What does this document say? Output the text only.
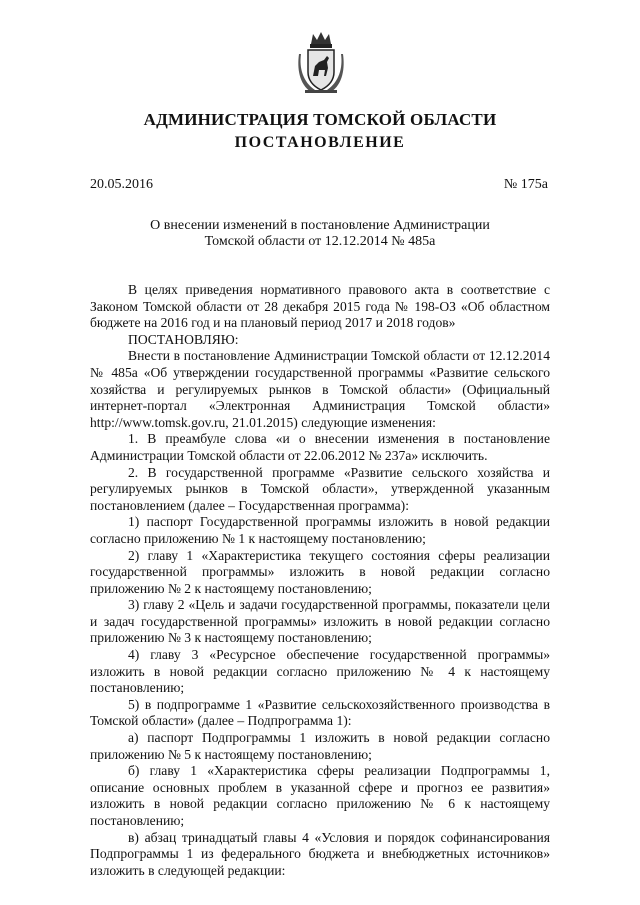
АДМИНИСТРАЦИЯ ТОМСКОЙ ОБЛАСТИ
ПОСТАНОВЛЕНИЕ
20.05.2016	№ 175а
О внесении изменений в постановление Администрации
Томской области от 12.12.2014 № 485а

В целях приведения нормативного правового акта в соответствие с Законом Томской области от 28 декабря 2015 года № 198-ОЗ «Об областном бюджете на 2016 год и на плановый период 2017 и 2018 годов»

ПОСТАНОВЛЯЮ:

Внести в постановление Администрации Томской области от 12.12.2014 № 485а «Об утверждении государственной программы «Развитие сельского хозяйства и регулируемых рынков в Томской области» (Официальный интернет-портал «Электронная Администрация Томской области» http://www.tomsk.gov.ru, 21.01.2015) следующие изменения:

1. В преамбуле слова «и о внесении изменения в постановление Администрации Томской области от 22.06.2012 № 237а» исключить.

2. В государственной программе «Развитие сельского хозяйства и регулируемых рынков в Томской области», утвержденной указанным постановлением (далее – Государственная программа):

1) паспорт Государственной программы изложить в новой редакции согласно приложению № 1 к настоящему постановлению;

2) главу 1 «Характеристика текущего состояния сферы реализации государственной программы» изложить в новой редакции согласно приложению № 2 к настоящему постановлению;

3) главу 2 «Цель и задачи государственной программы, показатели цели и задач государственной программы» изложить в новой редакции согласно приложению № 3 к настоящему постановлению;

4) главу 3 «Ресурсное обеспечение государственной программы» изложить в новой редакции согласно приложению № 4 к настоящему постановлению;

5) в подпрограмме 1 «Развитие сельскохозяйственного производства в Томской области» (далее – Подпрограмма 1):

а) паспорт Подпрограммы 1 изложить в новой редакции согласно приложению № 5 к настоящему постановлению;

б) главу 1 «Характеристика сферы реализации Подпрограммы 1, описание основных проблем в указанной сфере и прогноз ее развития» изложить в новой редакции согласно приложению № 6 к настоящему постановлению;

в) абзац тринадцатый главы 4 «Условия и порядок софинансирования Подпрограммы 1 из федерального бюджета и внебюджетных источников» изложить в следующей редакции:
